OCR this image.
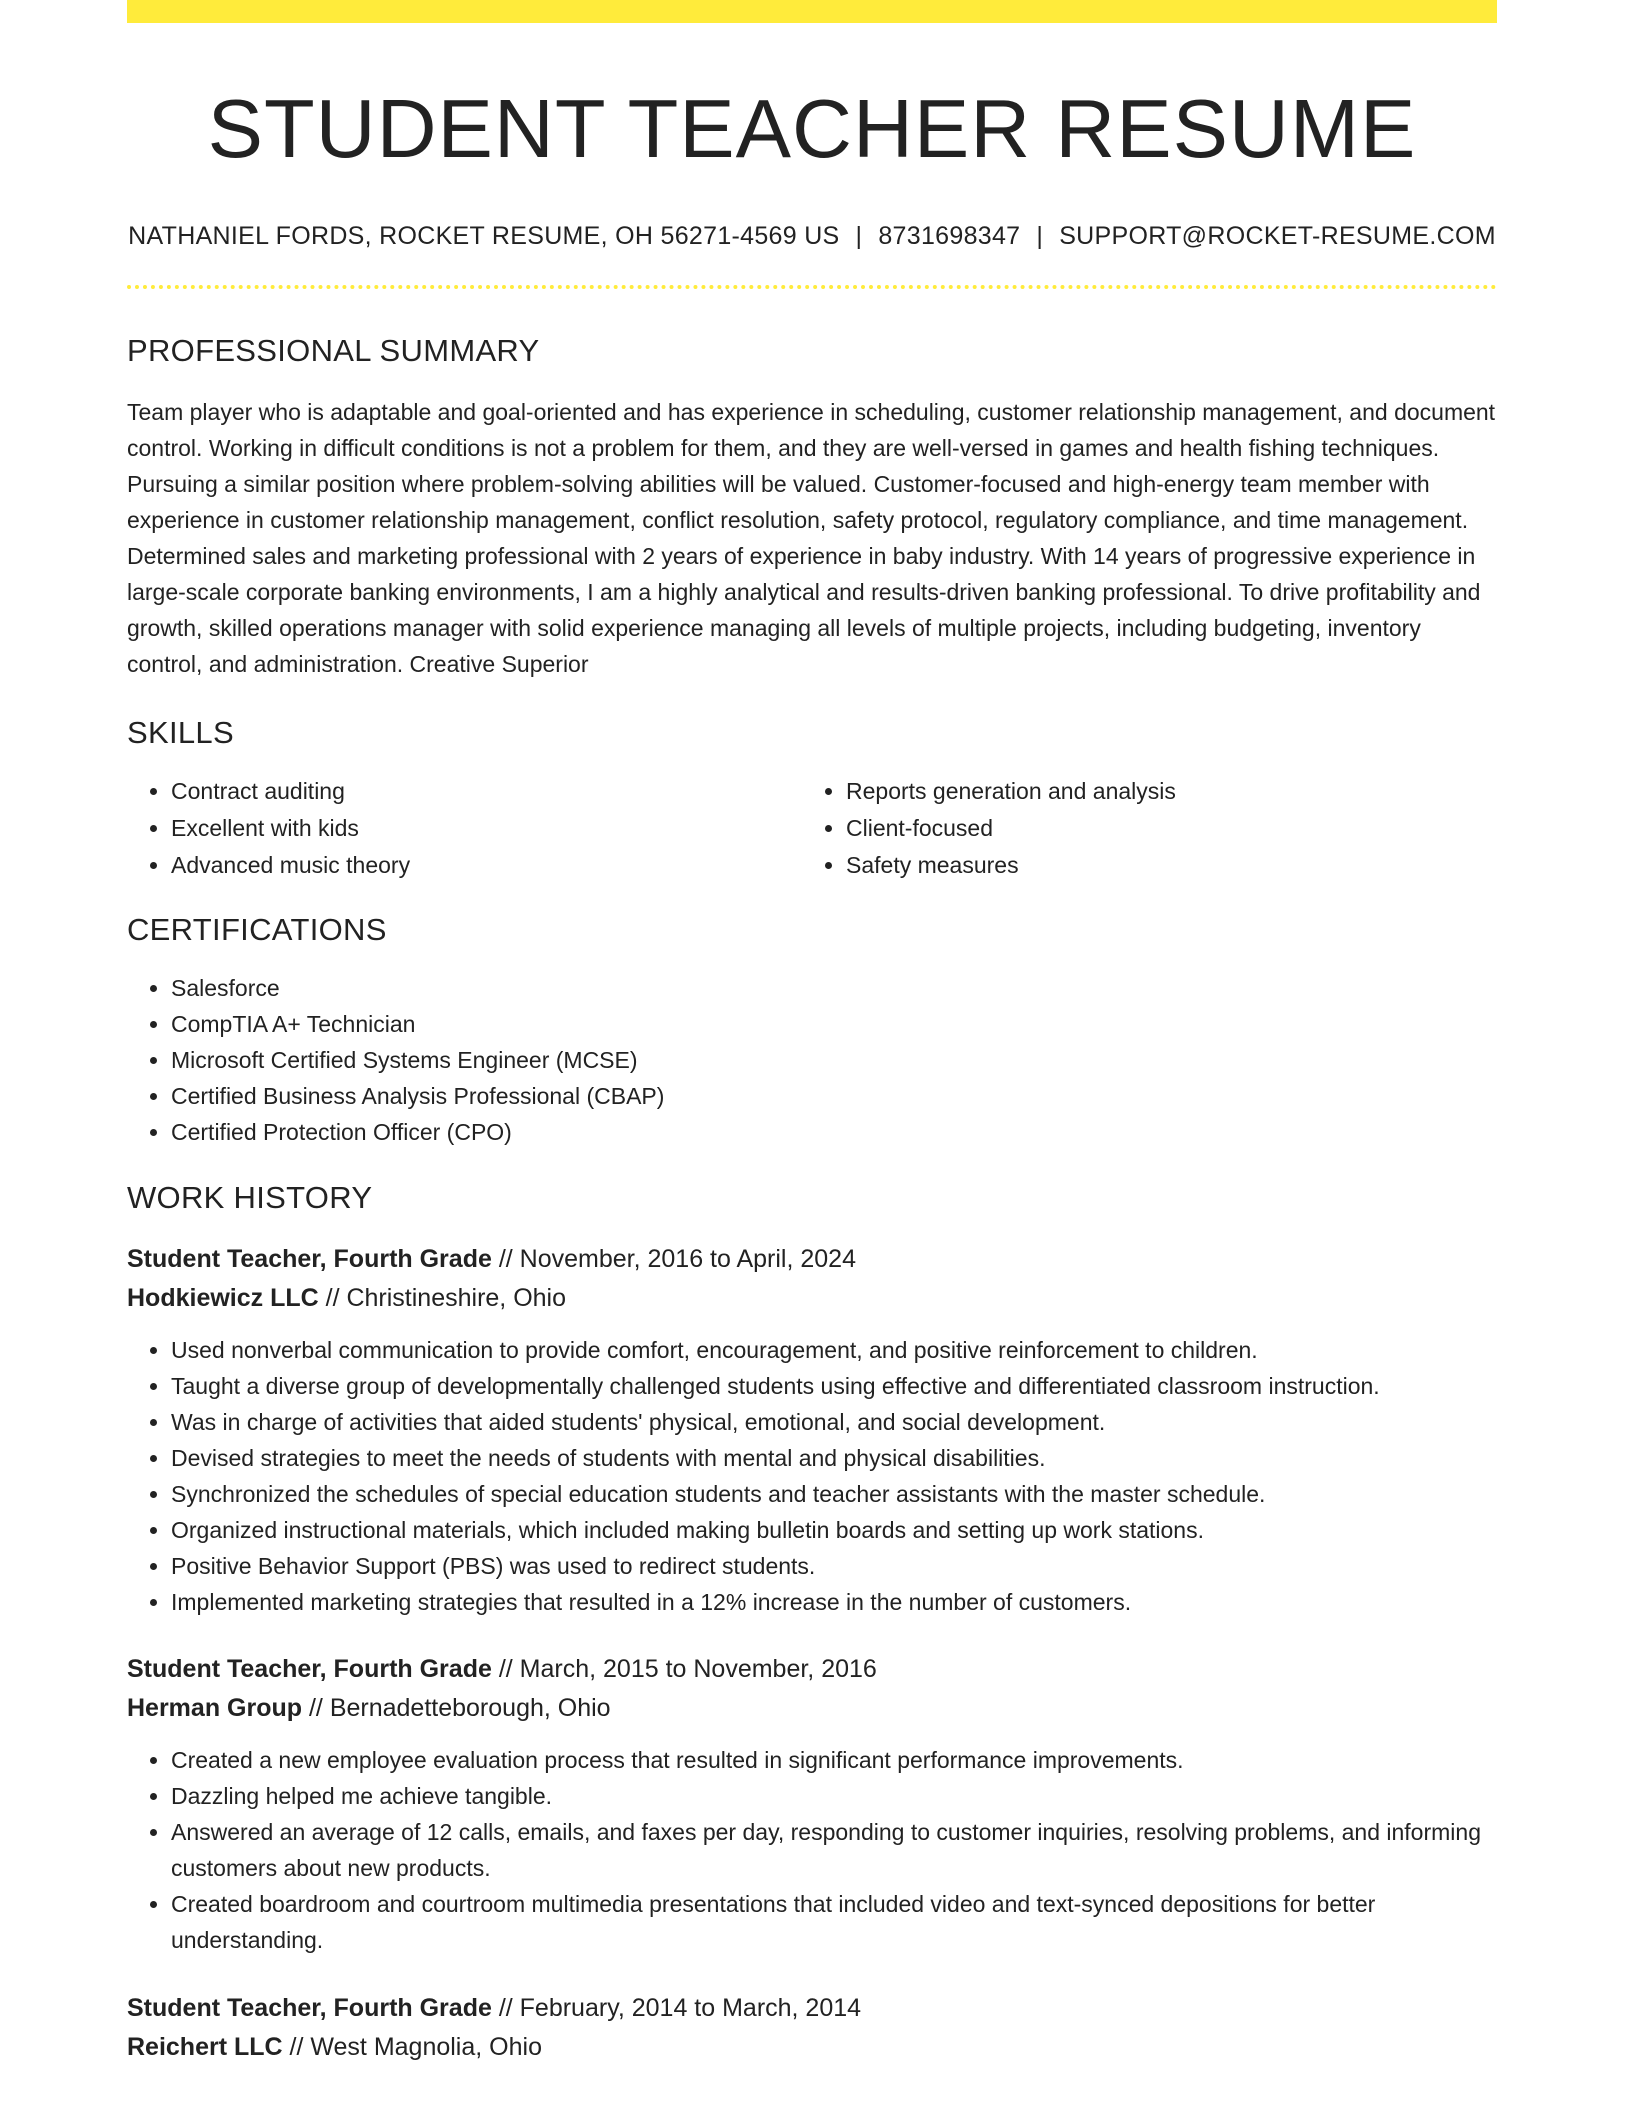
STUDENT TEACHER RESUME
NATHANIEL FORDS, ROCKET RESUME, OH 56271-4569 US | 8731698347 | SUPPORT@ROCKET-RESUME.COM
PROFESSIONAL SUMMARY
Team player who is adaptable and goal-oriented and has experience in scheduling, customer relationship management, and document control. Working in difficult conditions is not a problem for them, and they are well-versed in games and health fishing techniques. Pursuing a similar position where problem-solving abilities will be valued. Customer-focused and high-energy team member with experience in customer relationship management, conflict resolution, safety protocol, regulatory compliance, and time management. Determined sales and marketing professional with 2 years of experience in baby industry. With 14 years of progressive experience in large-scale corporate banking environments, I am a highly analytical and results-driven banking professional. To drive profitability and growth, skilled operations manager with solid experience managing all levels of multiple projects, including budgeting, inventory control, and administration. Creative Superior
SKILLS
• Contract auditing
• Excellent with kids
• Advanced music theory
• Reports generation and analysis
• Client-focused
• Safety measures
CERTIFICATIONS
• Salesforce
• CompTIA A+ Technician
• Microsoft Certified Systems Engineer (MCSE)
• Certified Business Analysis Professional (CBAP)
• Certified Protection Officer (CPO)
WORK HISTORY
Student Teacher, Fourth Grade // November, 2016 to April, 2024
Hodkiewicz LLC // Christineshire, Ohio
• Used nonverbal communication to provide comfort, encouragement, and positive reinforcement to children.
• Taught a diverse group of developmentally challenged students using effective and differentiated classroom instruction.
• Was in charge of activities that aided students' physical, emotional, and social development.
• Devised strategies to meet the needs of students with mental and physical disabilities.
• Synchronized the schedules of special education students and teacher assistants with the master schedule.
• Organized instructional materials, which included making bulletin boards and setting up work stations.
• Positive Behavior Support (PBS) was used to redirect students.
• Implemented marketing strategies that resulted in a 12% increase in the number of customers.
Student Teacher, Fourth Grade // March, 2015 to November, 2016
Herman Group // Bernadetteborough, Ohio
• Created a new employee evaluation process that resulted in significant performance improvements.
• Dazzling helped me achieve tangible.
• Answered an average of 12 calls, emails, and faxes per day, responding to customer inquiries, resolving problems, and informing customers about new products.
• Created boardroom and courtroom multimedia presentations that included video and text-synced depositions for better understanding.
Student Teacher, Fourth Grade // February, 2014 to March, 2014
Reichert LLC // West Magnolia, Ohio
